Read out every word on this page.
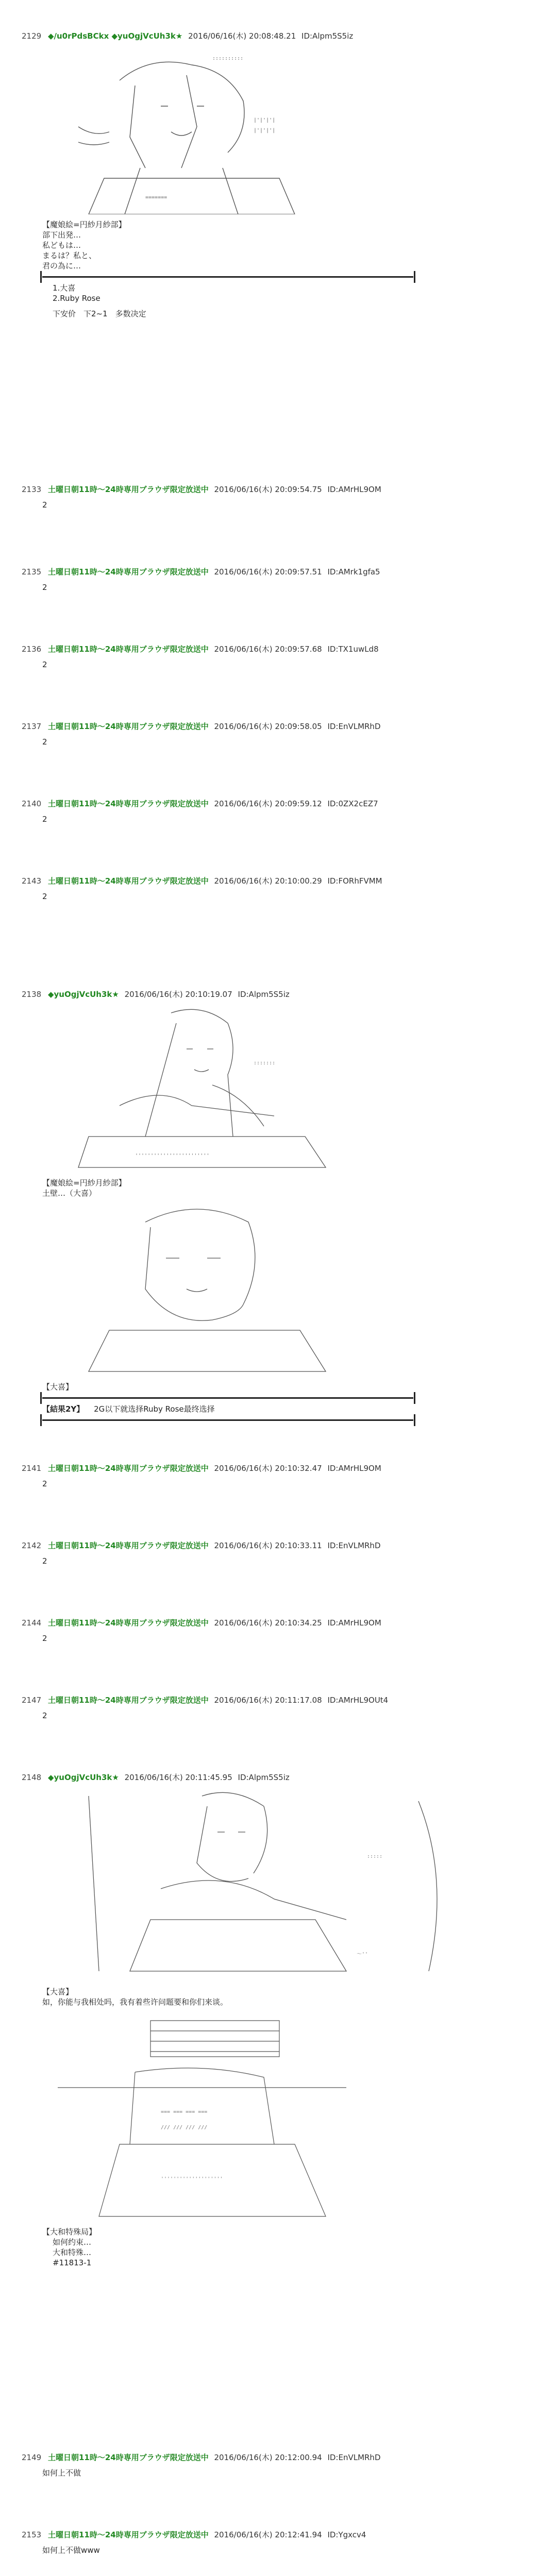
2129 ◆/u0rPdsBCkx ◆yuOgjVcUh3k★ 2016/06/16(木) 20:08:48.21 ID:Alpm5S5iz
::::::::::
|'|'|'|
|'|'|'|
=======
【魔娘絵=円紗月紗部】
部下出発…
私どもは…
まるは？私と、
君の為に…
1.大喜
2.Ruby Rose
下安价　下2~1　多数决定
2133 土曜日朝11時～24時専用ブラウザ限定放送中 2016/06/16(木) 20:09:54.75 ID:AMrHL9OM
2
2135 土曜日朝11時～24時専用ブラウザ限定放送中 2016/06/16(木) 20:09:57.51 ID:AMrk1gfa5
2
2136 土曜日朝11時～24時専用ブラウザ限定放送中 2016/06/16(木) 20:09:57.68 ID:TX1uwLd8
2
2137 土曜日朝11時～24時専用ブラウザ限定放送中 2016/06/16(木) 20:09:58.05 ID:EnVLMRhD
2
2140 土曜日朝11時～24時専用ブラウザ限定放送中 2016/06/16(木) 20:09:59.12 ID:0ZX2cEZ7
2
2143 土曜日朝11時～24時専用ブラウザ限定放送中 2016/06/16(木) 20:10:00.29 ID:FORhFVMM
2
2138 ◆yuOgjVcUh3k★ 2016/06/16(木) 20:10:19.07 ID:Alpm5S5iz
''''''''''''''''''''''''
:::::::
【魔娘絵=円紗月紗部】
土壁…（大喜）
【大喜】
【結果2Y】 2G以下就选择Ruby Rose最终选择
2141 土曜日朝11時～24時専用ブラウザ限定放送中 2016/06/16(木) 20:10:32.47 ID:AMrHL9OM
2
2142 土曜日朝11時～24時専用ブラウザ限定放送中 2016/06/16(木) 20:10:33.11 ID:EnVLMRhD
2
2144 土曜日朝11時～24時専用ブラウザ限定放送中 2016/06/16(木) 20:10:34.25 ID:AMrHL9OM
2
2147 土曜日朝11時～24時専用ブラウザ限定放送中 2016/06/16(木) 20:11:17.08 ID:AMrHL9OUt4
2
2148 ◆yuOgjVcUh3k★ 2016/06/16(木) 20:11:45.95 ID:Alpm5S5iz
～''
:::::
【大喜】
如，你能与我相处吗，我有着些许问题要和你们来谈。
=== === === ===
/// /// /// ///
''''''''''''''''''''
【大和特殊局】
如何约束…
大和特殊…
#11813-1
2149 土曜日朝11時～24時専用ブラウザ限定放送中 2016/06/16(木) 20:12:00.94 ID:EnVLMRhD
如何上不做
2153 土曜日朝11時～24時専用ブラウザ限定放送中 2016/06/16(木) 20:12:41.94 ID:Ygxcv4
如何上不做www
